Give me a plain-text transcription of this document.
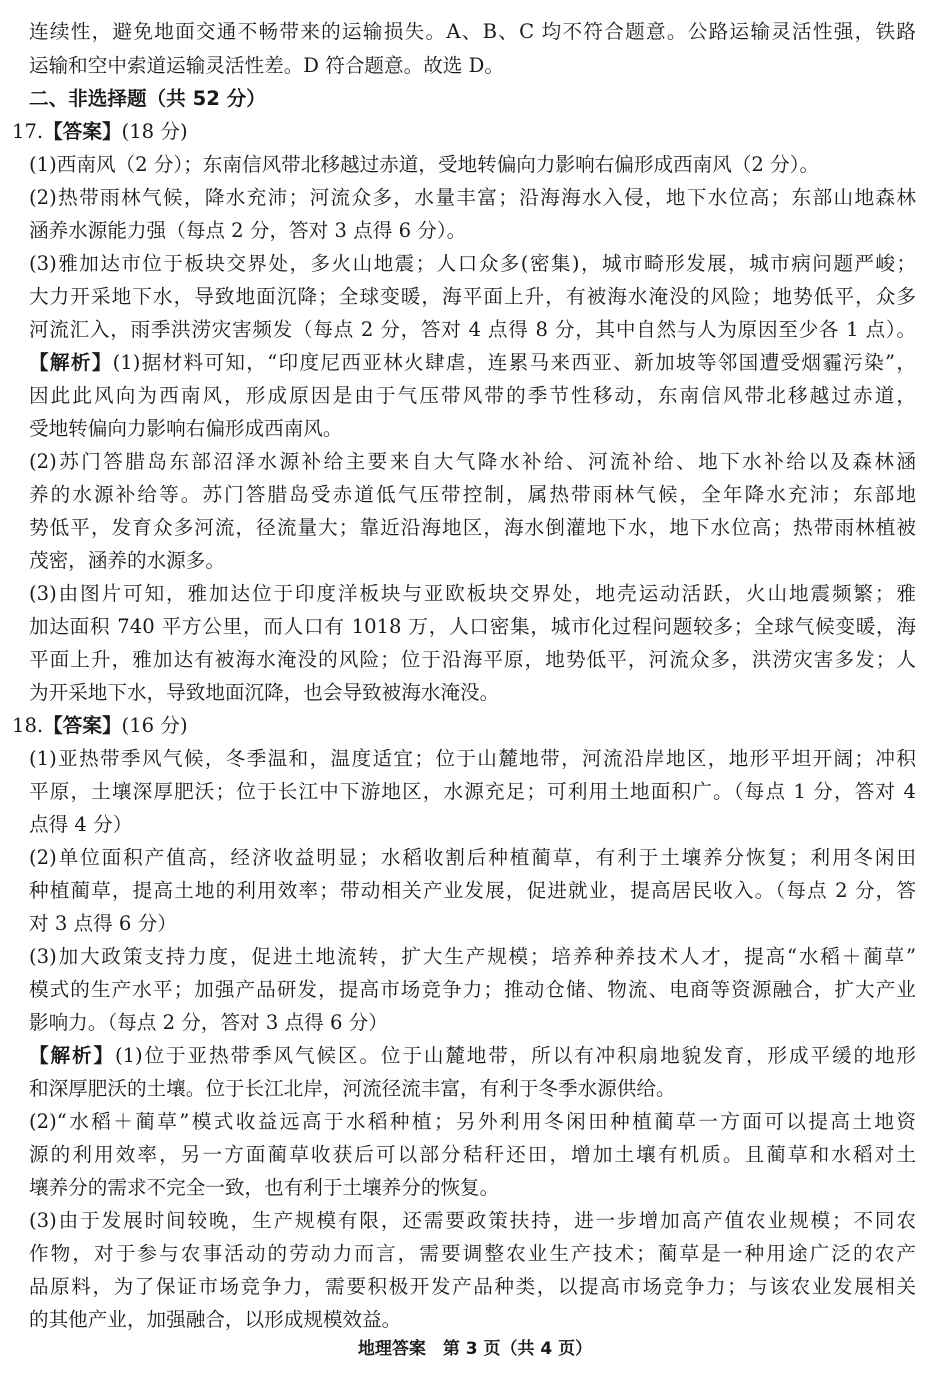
连续性，避免地面交通不畅带来的运输损失。A、B、C 均不符合题意。公路运输灵活性强，铁路
运输和空中索道运输灵活性差。D 符合题意。故选 D。
二、非选择题（共 52 分）
17.【答案】(18 分)
(1)西南风（2 分）；东南信风带北移越过赤道，受地转偏向力影响右偏形成西南风（2 分）。
(2)热带雨林气候，降水充沛；河流众多，水量丰富；沿海海水入侵，地下水位高；东部山地森林
涵养水源能力强（每点 2 分，答对 3 点得 6 分）。
(3)雅加达市位于板块交界处，多火山地震；人口众多(密集)，城市畸形发展，城市病问题严峻；
大力开采地下水，导致地面沉降；全球变暖，海平面上升，有被海水淹没的风险；地势低平，众多
河流汇入，雨季洪涝灾害频发（每点 2 分，答对 4 点得 8 分，其中自然与人为原因至少各 1 点）。
【解析】(1)据材料可知，“印度尼西亚林火肆虐，连累马来西亚、新加坡等邻国遭受烟霾污染”，
因此此风向为西南风，形成原因是由于气压带风带的季节性移动，东南信风带北移越过赤道，
受地转偏向力影响右偏形成西南风。
(2)苏门答腊岛东部沼泽水源补给主要来自大气降水补给、河流补给、地下水补给以及森林涵
养的水源补给等。苏门答腊岛受赤道低气压带控制，属热带雨林气候，全年降水充沛；东部地
势低平，发育众多河流，径流量大；靠近沿海地区，海水倒灌地下水，地下水位高；热带雨林植被
茂密，涵养的水源多。
(3)由图片可知，雅加达位于印度洋板块与亚欧板块交界处，地壳运动活跃，火山地震频繁；雅
加达面积 740 平方公里，而人口有 1018 万，人口密集，城市化过程问题较多；全球气候变暖，海
平面上升，雅加达有被海水淹没的风险；位于沿海平原，地势低平，河流众多，洪涝灾害多发；人
为开采地下水，导致地面沉降，也会导致被海水淹没。
18.【答案】(16 分)
(1)亚热带季风气候，冬季温和，温度适宜；位于山麓地带，河流沿岸地区，地形平坦开阔；冲积
平原，土壤深厚肥沃；位于长江中下游地区，水源充足；可利用土地面积广。（每点 1 分，答对 4
点得 4 分）
(2)单位面积产值高，经济收益明显；水稻收割后种植蔺草，有利于土壤养分恢复；利用冬闲田
种植蔺草，提高土地的利用效率；带动相关产业发展，促进就业，提高居民收入。（每点 2 分，答
对 3 点得 6 分）
(3)加大政策支持力度，促进土地流转，扩大生产规模；培养种养技术人才，提高“水稻＋蔺草”
模式的生产水平；加强产品研发，提高市场竞争力；推动仓储、物流、电商等资源融合，扩大产业
影响力。（每点 2 分，答对 3 点得 6 分）
【解析】(1)位于亚热带季风气候区。位于山麓地带，所以有冲积扇地貌发育，形成平缓的地形
和深厚肥沃的土壤。位于长江北岸，河流径流丰富，有利于冬季水源供给。
(2)“水稻＋蔺草”模式收益远高于水稻种植；另外利用冬闲田种植蔺草一方面可以提高土地资
源的利用效率，另一方面蔺草收获后可以部分秸秆还田，增加土壤有机质。且蔺草和水稻对土
壤养分的需求不完全一致，也有利于土壤养分的恢复。
(3)由于发展时间较晚，生产规模有限，还需要政策扶持，进一步增加高产值农业规模；不同农
作物，对于参与农事活动的劳动力而言，需要调整农业生产技术；蔺草是一种用途广泛的农产
品原料，为了保证市场竞争力，需要积极开发产品种类，以提高市场竞争力；与该农业发展相关
的其他产业，加强融合，以形成规模效益。
地理答案　第 3 页（共 4 页）
